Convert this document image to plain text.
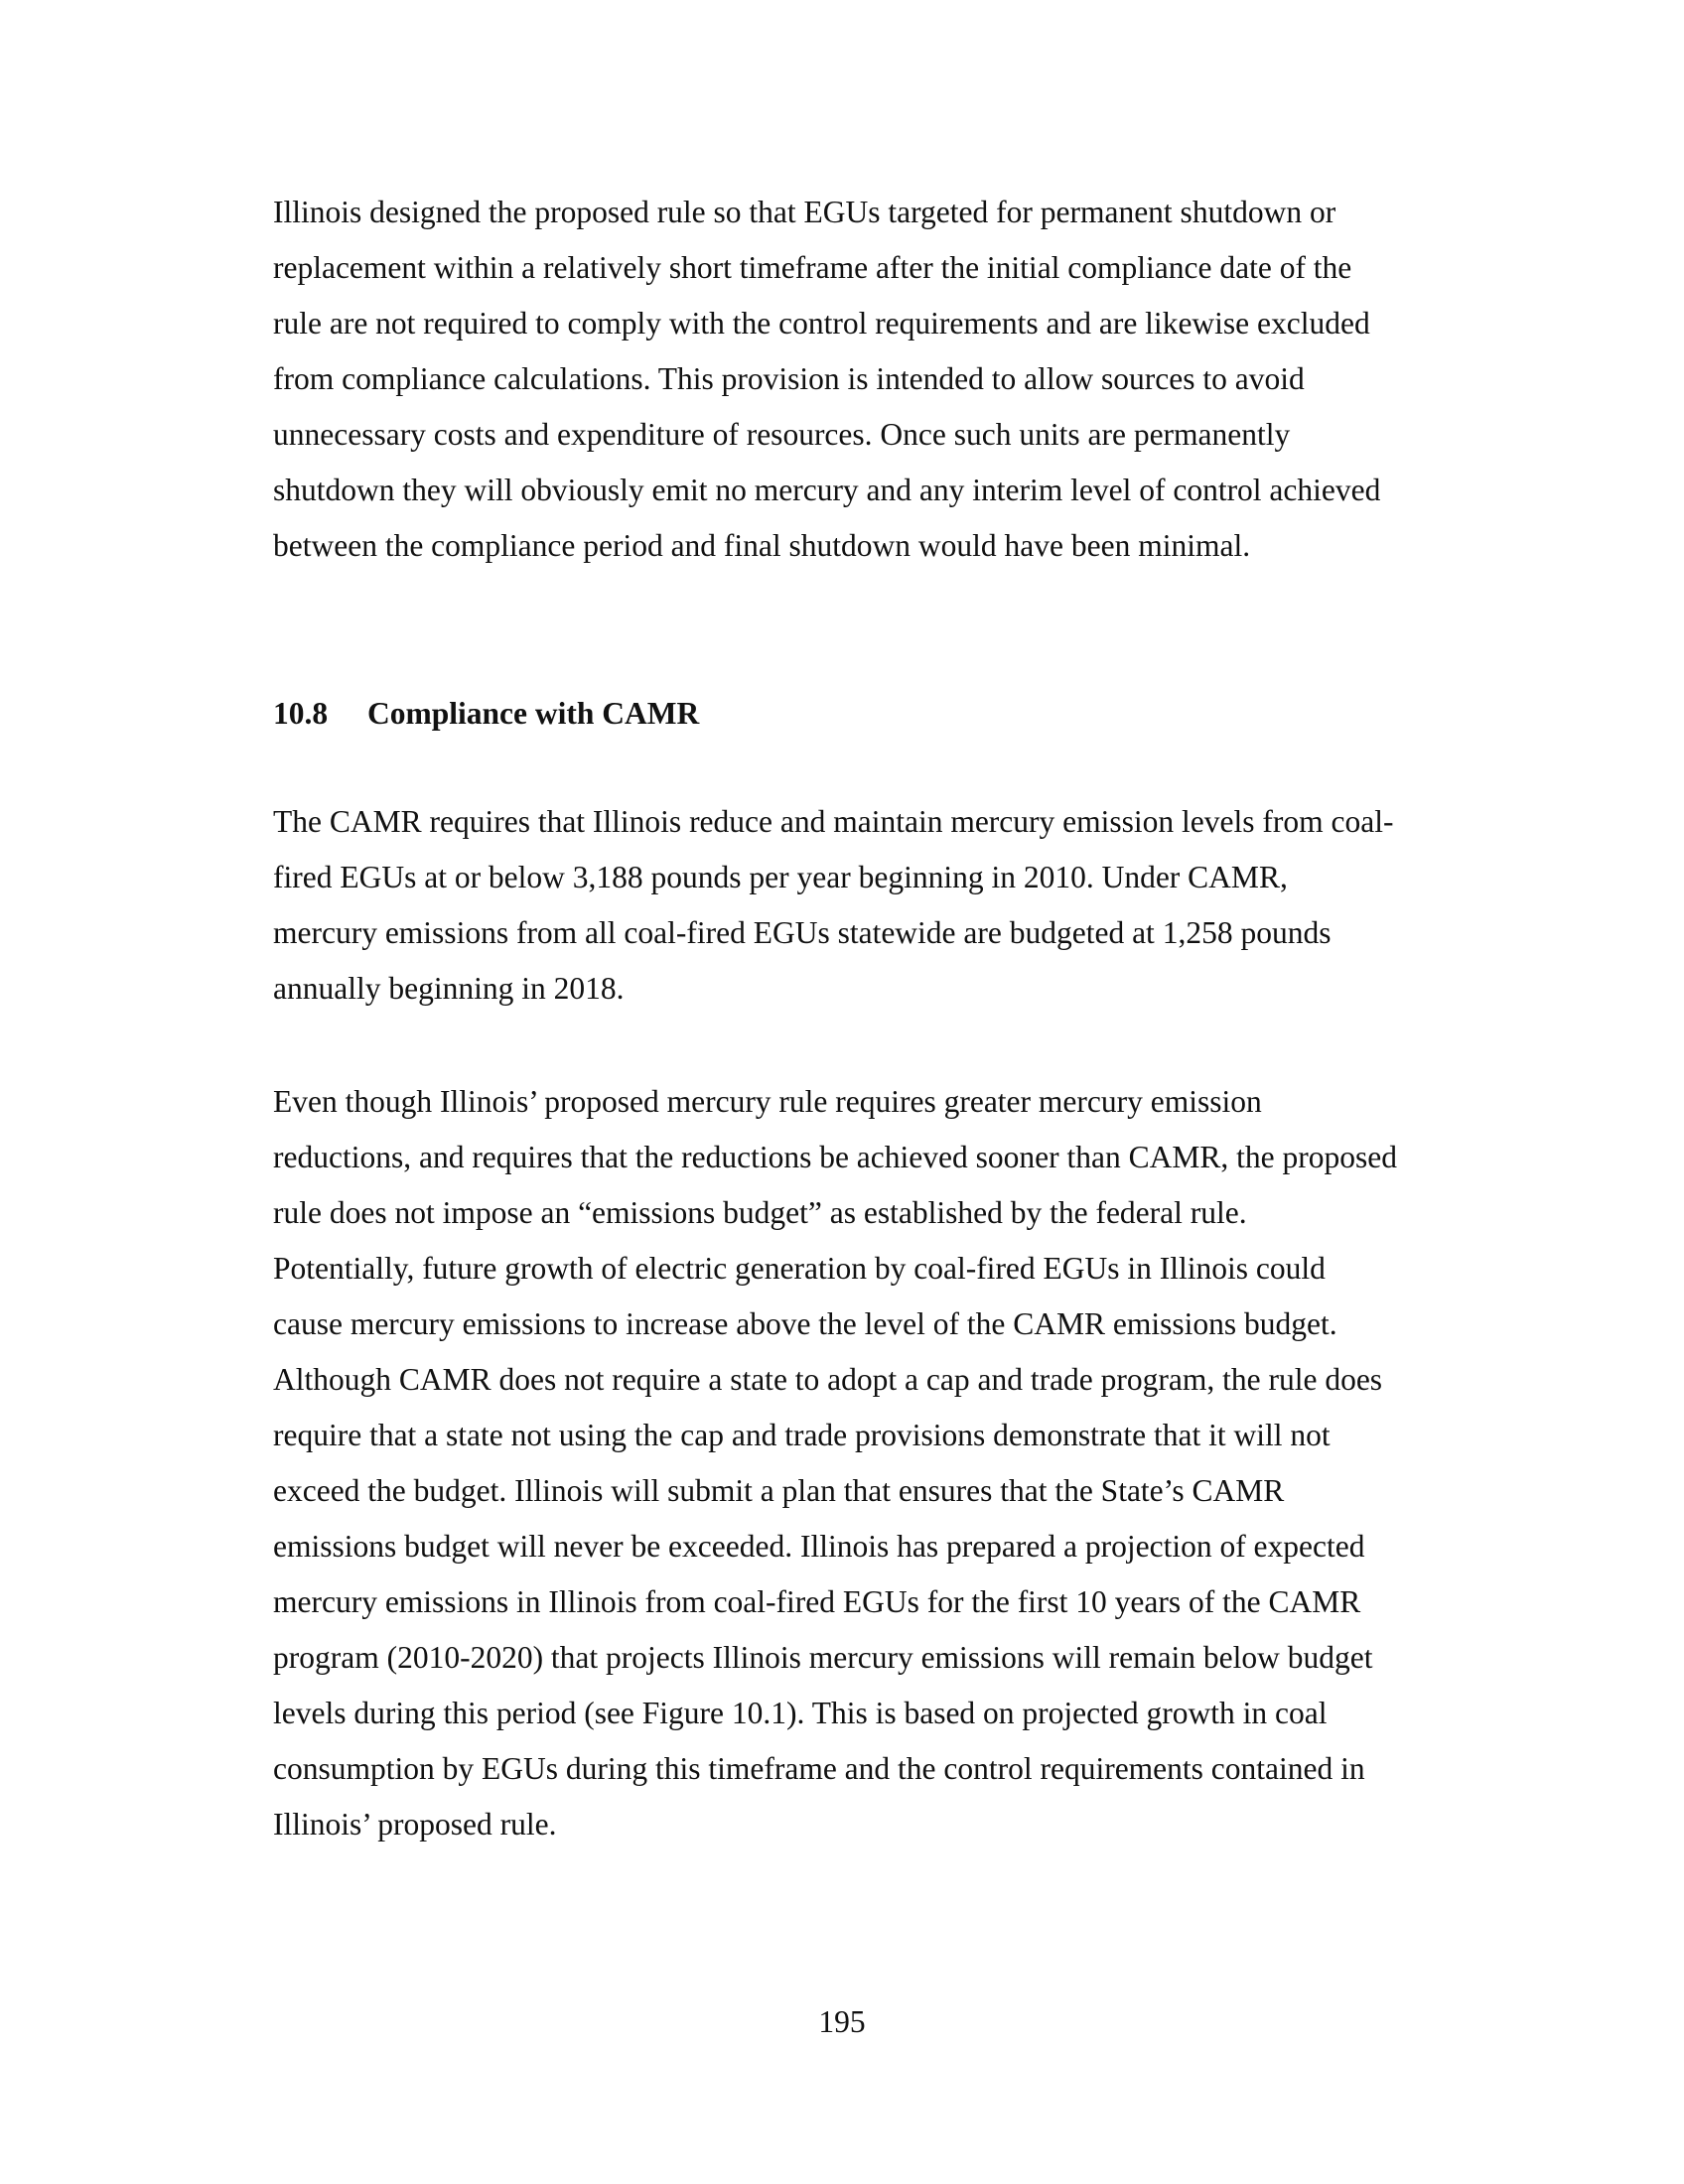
Illinois designed the proposed rule so that EGUs targeted for permanent shutdown or
replacement within a relatively short timeframe after the initial compliance date of the
rule are not required to comply with the control requirements and are likewise excluded
from compliance calculations. This provision is intended to allow sources to avoid
unnecessary costs and expenditure of resources. Once such units are permanently
shutdown they will obviously emit no mercury and any interim level of control achieved
between the compliance period and final shutdown would have been minimal.
10.8 Compliance with CAMR
The CAMR requires that Illinois reduce and maintain mercury emission levels from coal-
fired EGUs at or below 3,188 pounds per year beginning in 2010. Under CAMR,
mercury emissions from all coal-fired EGUs statewide are budgeted at 1,258 pounds
annually beginning in 2018.
Even though Illinois’ proposed mercury rule requires greater mercury emission
reductions, and requires that the reductions be achieved sooner than CAMR, the proposed
rule does not impose an “emissions budget” as established by the federal rule.
Potentially, future growth of electric generation by coal-fired EGUs in Illinois could
cause mercury emissions to increase above the level of the CAMR emissions budget.
Although CAMR does not require a state to adopt a cap and trade program, the rule does
require that a state not using the cap and trade provisions demonstrate that it will not
exceed the budget. Illinois will submit a plan that ensures that the State’s CAMR
emissions budget will never be exceeded. Illinois has prepared a projection of expected
mercury emissions in Illinois from coal-fired EGUs for the first 10 years of the CAMR
program (2010-2020) that projects Illinois mercury emissions will remain below budget
levels during this period (see Figure 10.1). This is based on projected growth in coal
consumption by EGUs during this timeframe and the control requirements contained in
Illinois’ proposed rule.

195
